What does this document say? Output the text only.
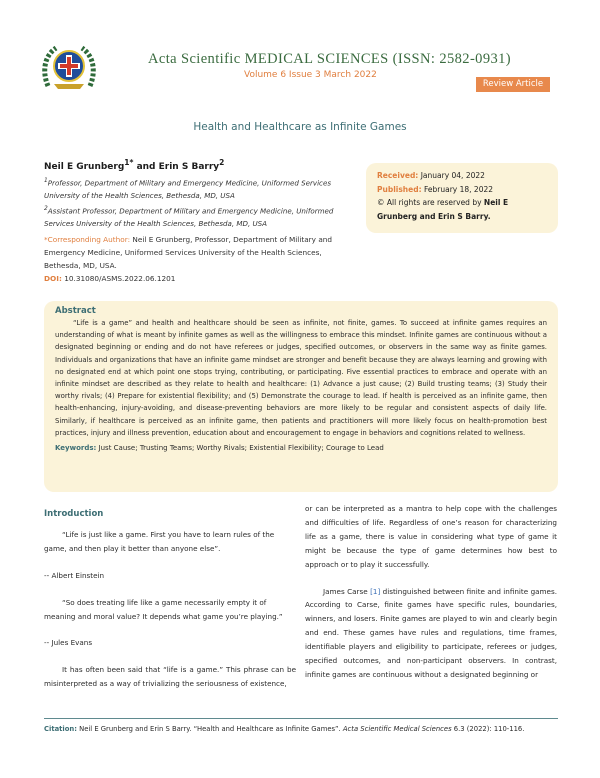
Acta Scientific MEDICAL SCIENCES (ISSN: 2582-0931)
Volume 6 Issue 3 March 2022
Review Article
Health and Healthcare as Infinite Games
Neil E Grunberg$^{1*}$ and Erin S Barry$^2$
$^1$Professor, Department of Military and Emergency Medicine, Uniformed Services University of the Health Sciences, Bethesda, MD, USA
$^2$Assistant Professor, Department of Military and Emergency Medicine, Uniformed Services University of the Health Sciences, Bethesda, MD, USA
*Corresponding Author: Neil E Grunberg, Professor, Department of Military and Emergency Medicine, Uniformed Services University of the Health Sciences, Bethesda, MD, USA.
DOI: 10.31080/ASMS.2022.06.1201
Received: January 04, 2022
Published: February 18, 2022
© All rights are reserved by Neil E Grunberg and Erin S Barry.
Abstract
“Life is a game” and health and healthcare should be seen as infinite, not finite, games. To succeed at infinite games requires an understanding of what is meant by infinite games as well as the willingness to embrace this mindset. Infinite games are continuous without a designated beginning or ending and do not have referees or judges, specified outcomes, or observers in the same way as finite games. Individuals and organizations that have an infinite game mindset are stronger and benefit because they are always learning and growing with no designated end at which point one stops trying, contributing, or participating. Five essential practices to embrace and operate with an infinite mindset are described as they relate to health and healthcare: (1) Advance a just cause; (2) Build trusting teams; (3) Study their worthy rivals; (4) Prepare for existential flexibility; and (5) Demonstrate the courage to lead. If health is perceived as an infinite game, then health-enhancing, injury-avoiding, and disease-preventing behaviors are more likely to be regular and consistent aspects of daily life. Similarly, if healthcare is perceived as an infinite game, then patients and practitioners will more likely focus on health-promotion best practices, injury and illness prevention, education about and encouragement to engage in behaviors and cognitions related to wellness.
Keywords: Just Cause; Trusting Teams; Worthy Rivals; Existential Flexibility; Courage to Lead
Introduction
“Life is just like a game. First you have to learn rules of the game, and then play it better than anyone else”.
-- Albert Einstein
“So does treating life like a game necessarily empty it of meaning and moral value? It depends what game you’re playing.”
-- Jules Evans
It has often been said that “life is a game.” This phrase can be misinterpreted as a way of trivializing the seriousness of existence,
or can be interpreted as a mantra to help cope with the challenges and difficulties of life. Regardless of one’s reason for characterizing life as a game, there is value in considering what type of game it might be because the type of game determines how best to approach or to play it successfully.
James Carse [1] distinguished between finite and infinite games. According to Carse, finite games have specific rules, boundaries, winners, and losers. Finite games are played to win and clearly begin and end. These games have rules and regulations, time frames, identifiable players and eligibility to participate, referees or judges, specified outcomes, and non-participant observers. In contrast, infinite games are continuous without a designated beginning or
Citation: Neil E Grunberg and Erin S Barry. “Health and Healthcare as Infinite Games”. Acta Scientific Medical Sciences 6.3 (2022): 110-116.
